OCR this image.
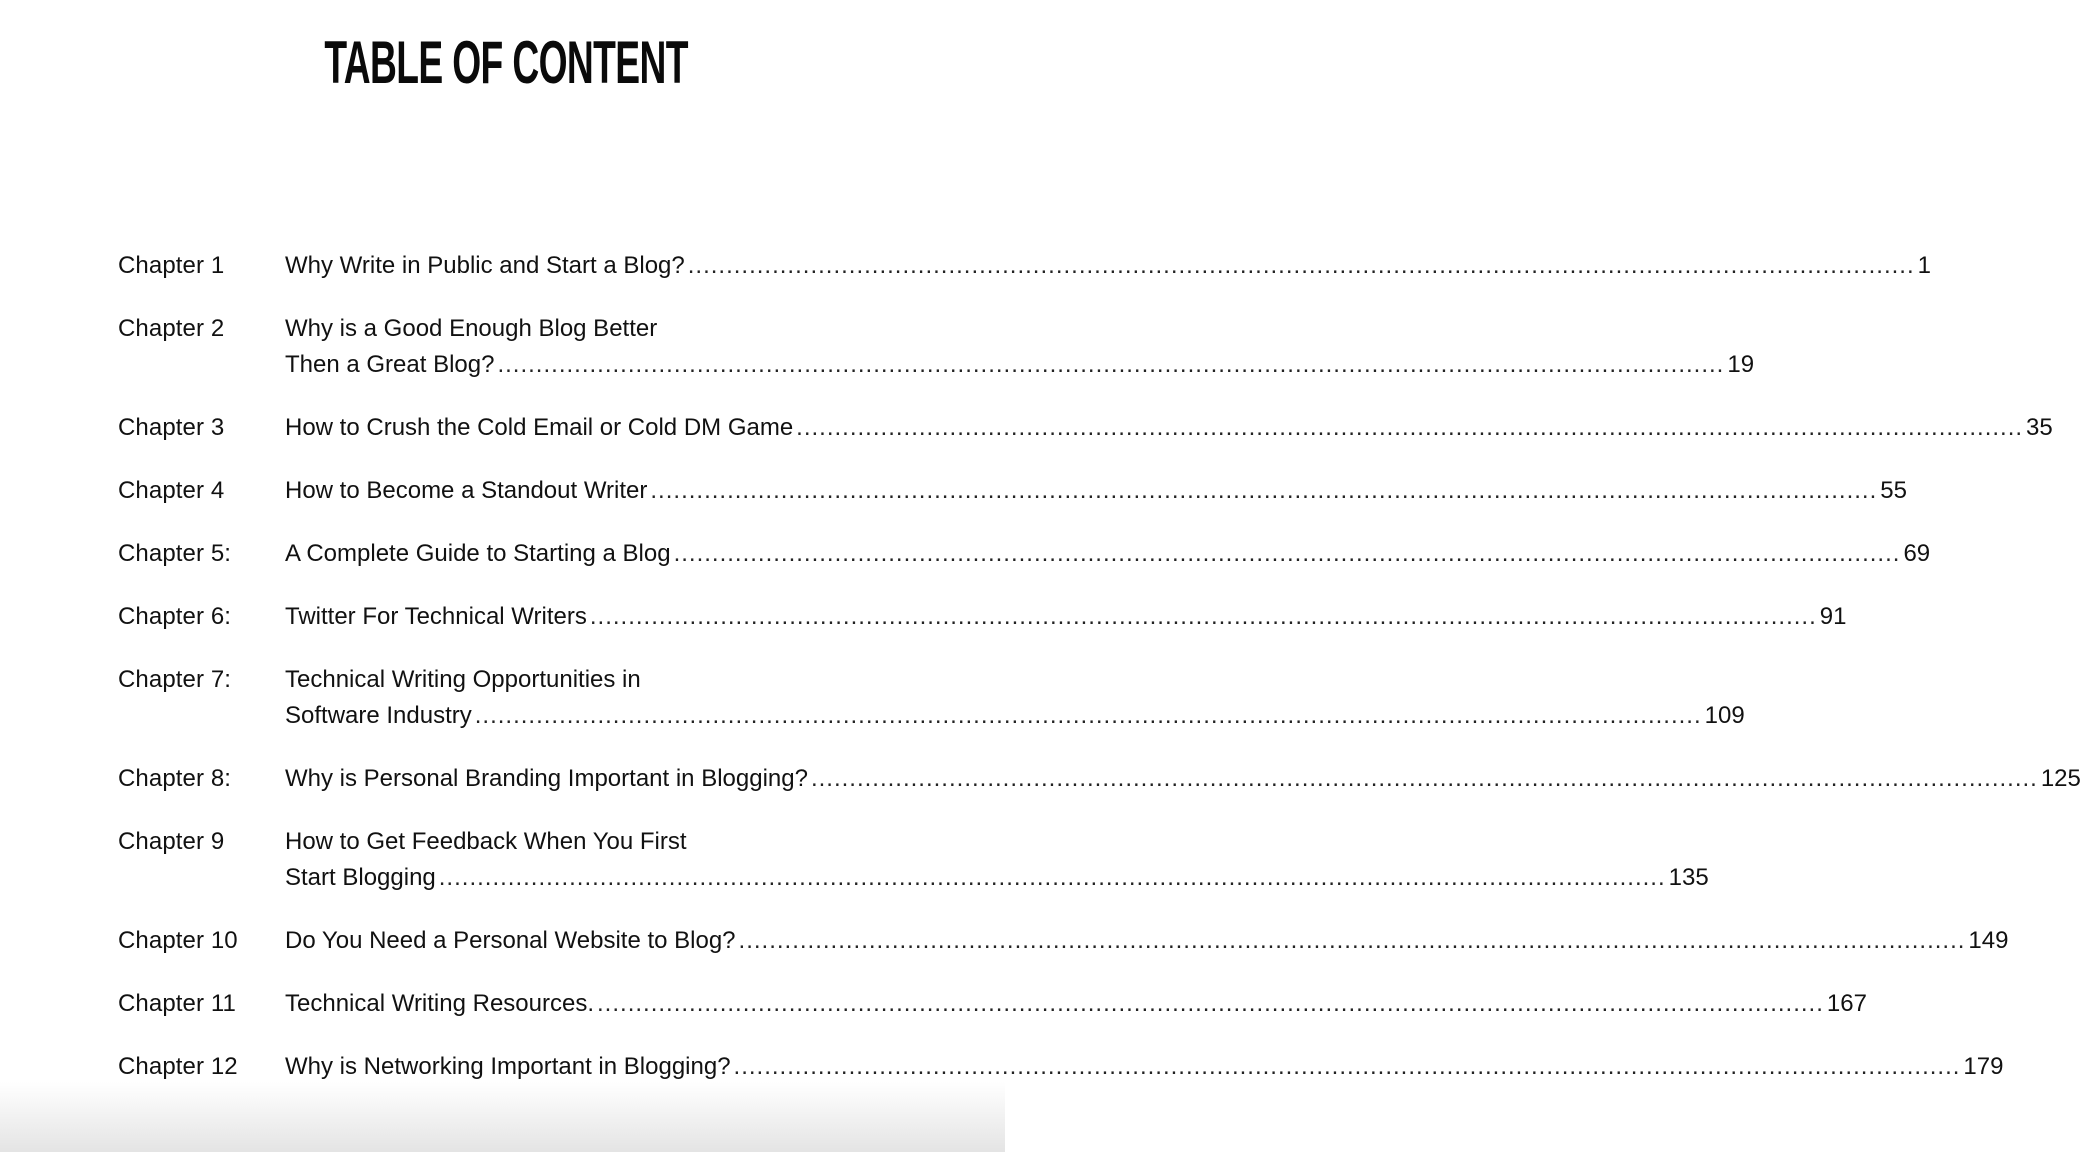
TABLE OF CONTENT
Chapter 1	Why Write in Public and Start a Blog? .....	1
Chapter 2	Why is a Good Enough Blog Better
Then a Great Blog? .....	19
Chapter 3	How to Crush the Cold Email or Cold DM Game .....	35
Chapter 4	How to Become a Standout Writer .....	55
Chapter 5:	A Complete Guide to Starting a Blog .....	69
Chapter 6:	Twitter For Technical Writers .....	91
Chapter 7:	Technical Writing Opportunities in
Software Industry .....	109
Chapter 8:	Why is Personal Branding Important in Blogging? .....	125
Chapter 9	How to Get Feedback When You First
Start Blogging .....	135
Chapter 10	Do You Need a Personal Website to Blog? .....	149
Chapter 11	Technical Writing Resources. .....	167
Chapter 12	Why is Networking Important in Blogging? .....	179
